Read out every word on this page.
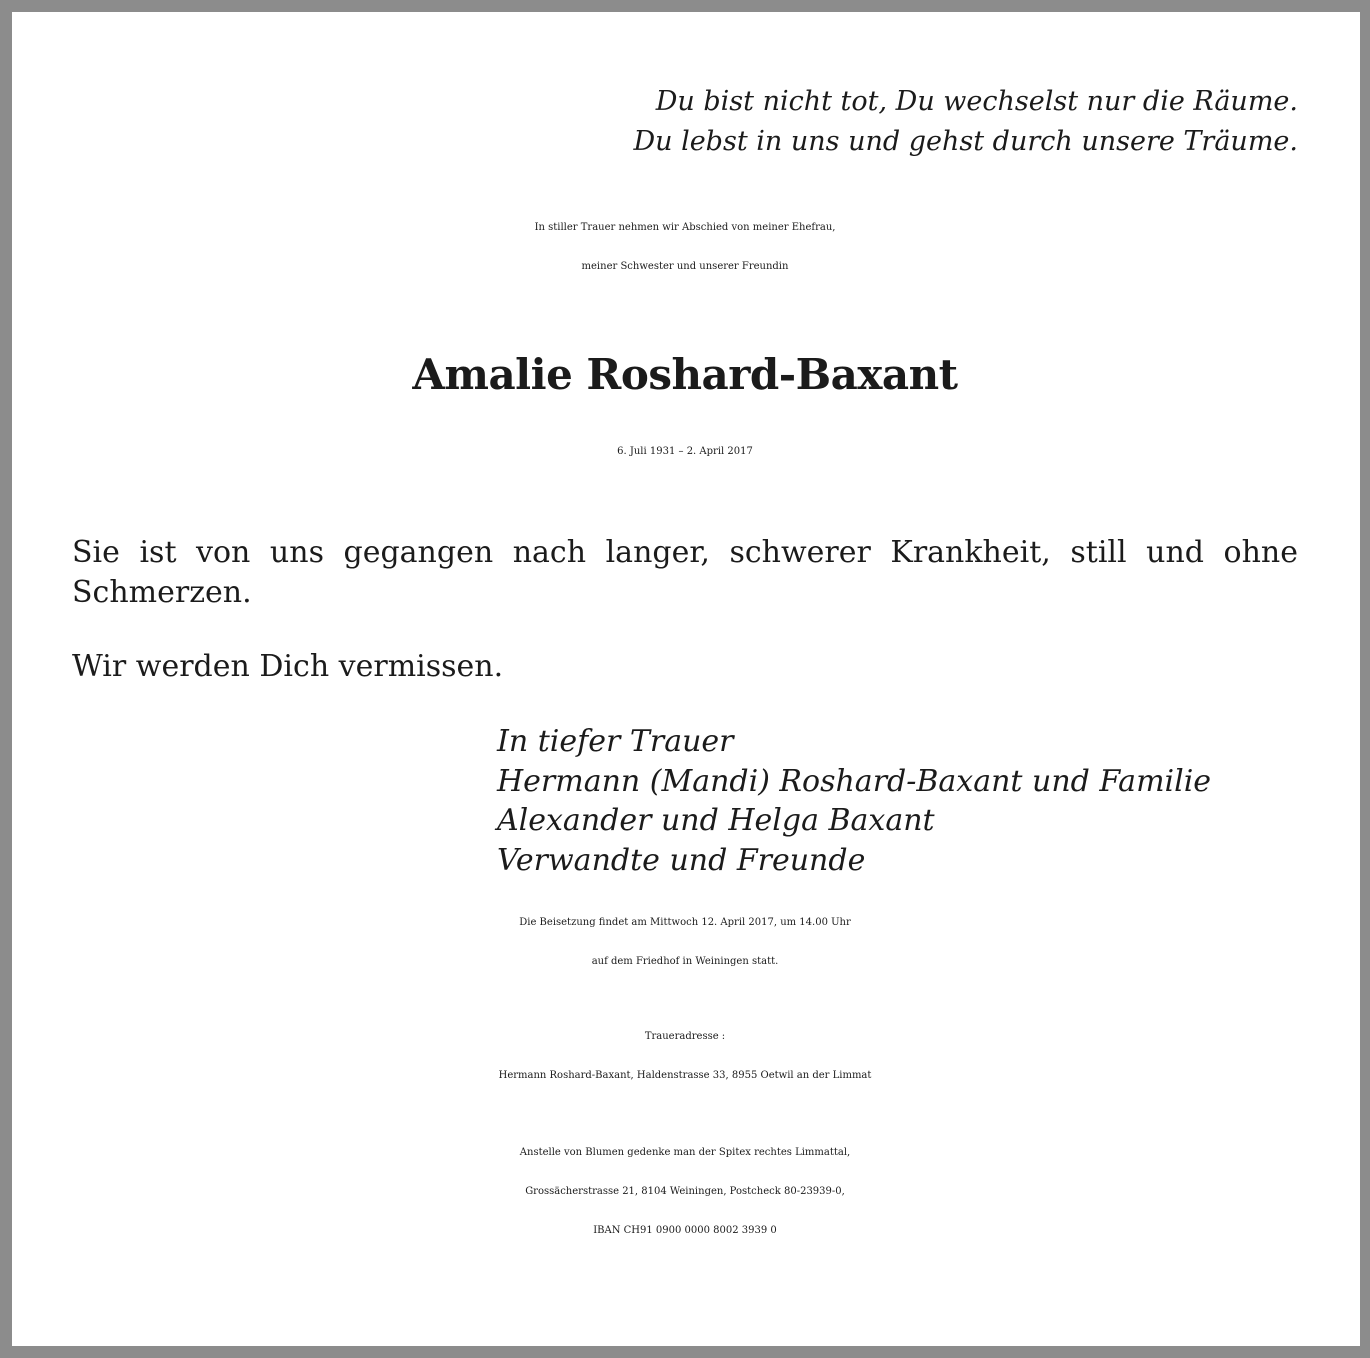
Du bist nicht tot, Du wechselst nur die Räume.
Du lebst in uns und gehst durch unsere Träume.
In stiller Trauer nehmen wir Abschied von meiner Ehefrau,
meiner Schwester und unserer Freundin
Amalie Roshard-Baxant
6. Juli 1931 – 2. April 2017

Sie ist von uns gegangen nach langer, schwerer Krankheit, still und ohne Schmerzen.

Wir werden Dich vermissen.

In tiefer Trauer
Hermann (Mandi) Roshard-Baxant und Familie
Alexander und Helga Baxant
Verwandte und Freunde
Die Beisetzung findet am Mittwoch 12. April 2017, um 14.00 Uhr
auf dem Friedhof in Weiningen statt.
Traueradresse :
Hermann Roshard-Baxant, Haldenstrasse 33, 8955 Oetwil an der Limmat
Anstelle von Blumen gedenke man der Spitex rechtes Limmattal,
Grossächerstrasse 21, 8104 Weiningen, Postcheck 80-23939-0,
IBAN CH91 0900 0000 8002 3939 0
